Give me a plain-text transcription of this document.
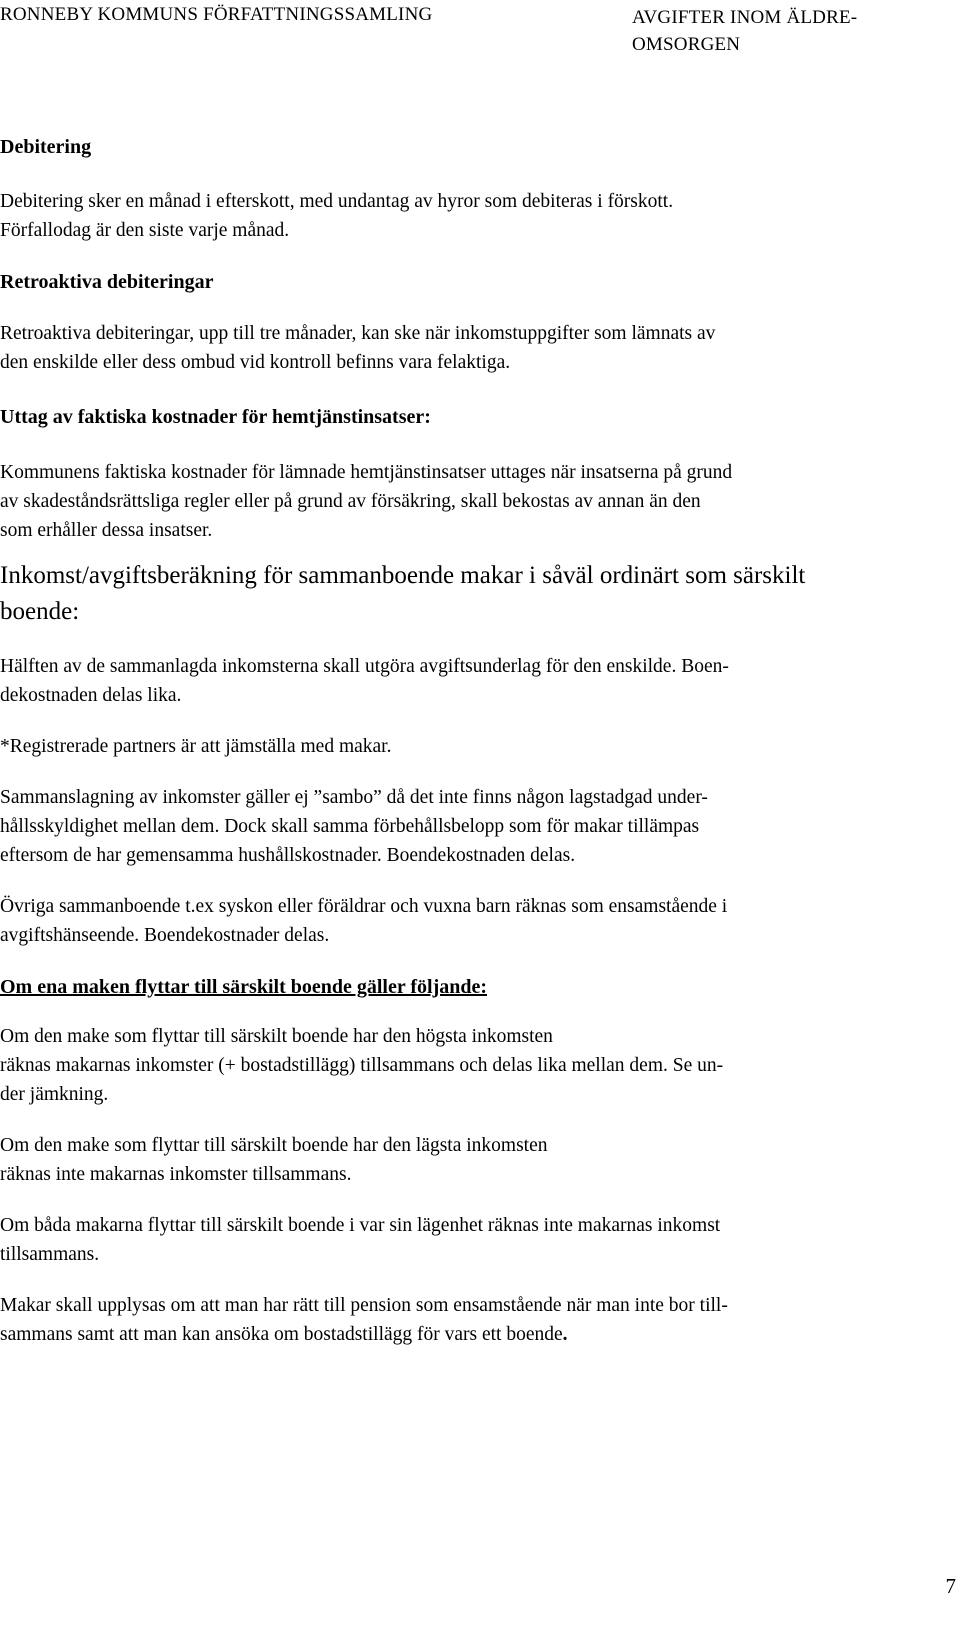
RONNEBY KOMMUNS FÖRFATTNINGSSAMLING	AVGIFTER INOM ÄLDRE-
OMSORGEN

Debitering

Debitering sker en månad i efterskott, med undantag av hyror som debiteras i förskott.
Förfallodag är den siste varje månad.

Retroaktiva debiteringar

Retroaktiva debiteringar, upp till tre månader, kan ske när inkomstuppgifter som lämnats av
den enskilde eller dess ombud vid kontroll befinns vara felaktiga.

Uttag av faktiska kostnader för hemtjänstinsatser:

Kommunens faktiska kostnader för lämnade hemtjänstinsatser uttages när insatserna på grund
av skadeståndsrättsliga regler eller på grund av försäkring, skall bekostas av annan än den
som erhåller dessa insatser.

Inkomst/avgiftsberäkning för sammanboende makar i såväl ordinärt som särskilt
boende:

Hälften av de sammanlagda inkomsterna skall utgöra avgiftsunderlag för den enskilde. Boen-
dekostnaden delas lika.

*Registrerade partners är att jämställa med makar.

Sammanslagning av inkomster gäller ej ”sambo” då det inte finns någon lagstadgad under-
hållsskyldighet mellan dem. Dock skall samma förbehållsbelopp som för makar tillämpas
eftersom de har gemensamma hushållskostnader. Boendekostnaden delas.

Övriga sammanboende t.ex syskon eller föräldrar och vuxna barn räknas som ensamstående i
avgiftshänseende. Boendekostnader delas.

Om ena maken flyttar till särskilt boende gäller följande:

Om den make som flyttar till särskilt boende har den högsta inkomsten
räknas makarnas inkomster (+ bostadstillägg) tillsammans och delas lika mellan dem. Se un-
der jämkning.

Om den make som flyttar till särskilt boende har den lägsta inkomsten
räknas inte makarnas inkomster tillsammans.

Om båda makarna flyttar till särskilt boende i var sin lägenhet räknas inte makarnas inkomst
tillsammans.

Makar skall upplysas om att man har rätt till pension som ensamstående när man inte bor till-
sammans samt att man kan ansöka om bostadstillägg för vars ett boende.

7
